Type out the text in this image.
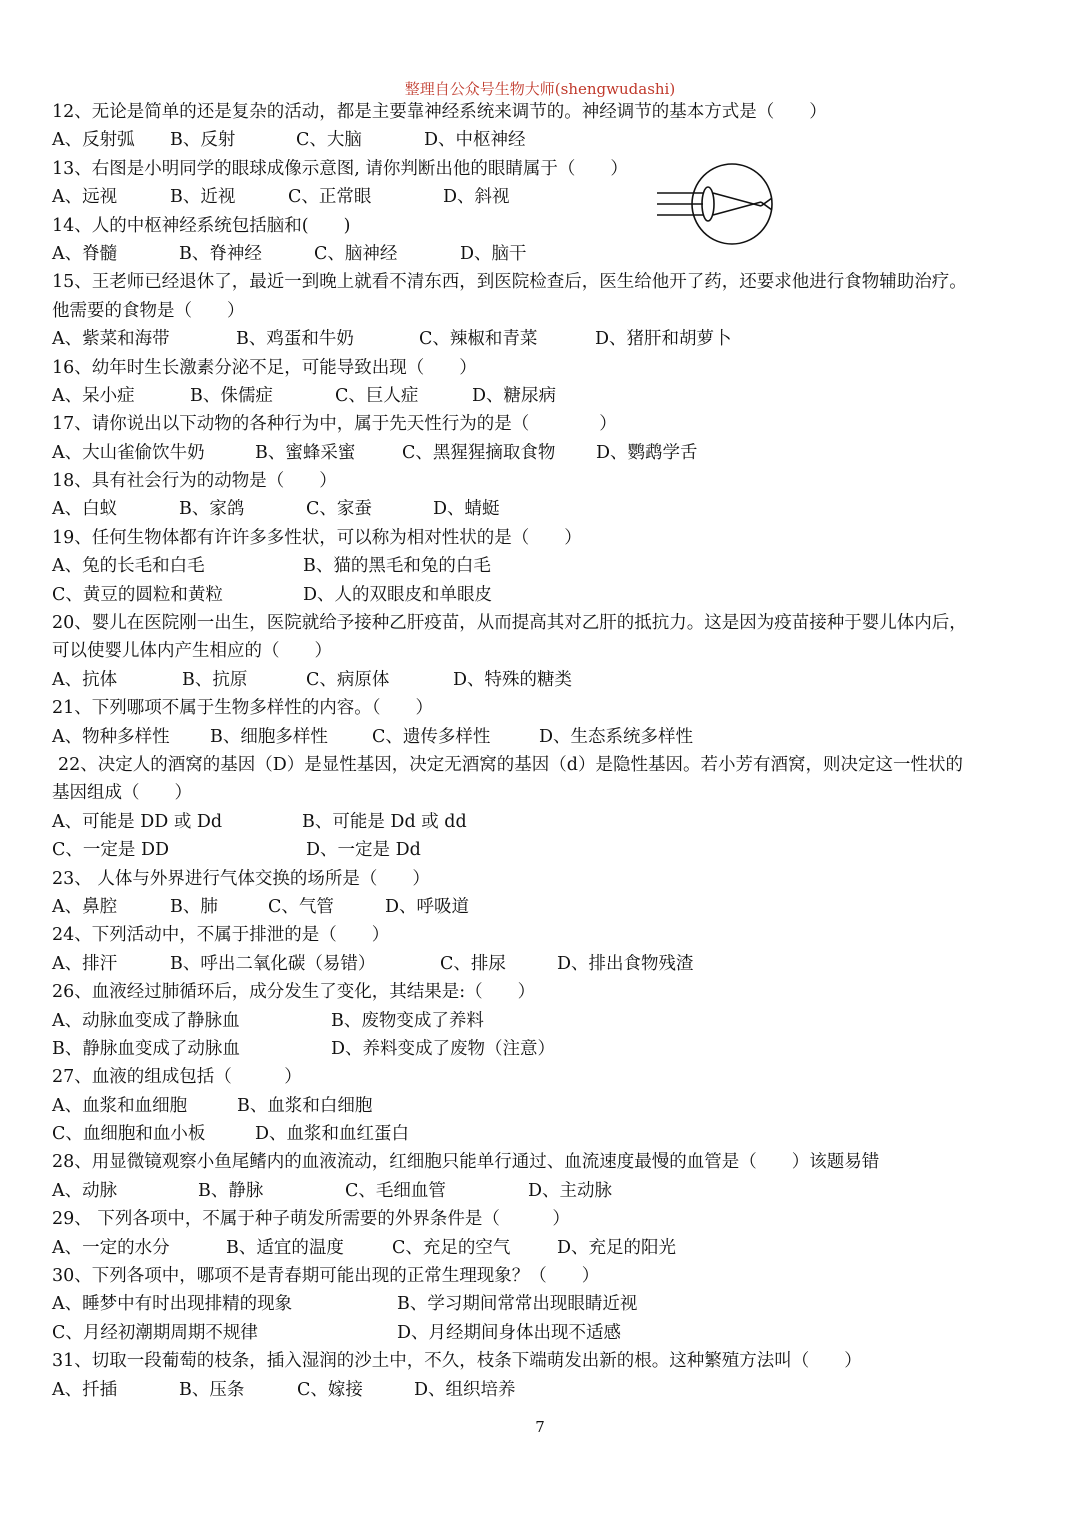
整理自公众号生物大师(shengwudashi)
12、无论是简单的还是复杂的活动，都是主要靠神经系统来调节的。神经调节的基本方式是（　　）
A、反射弧 B、反射	C、大脑	D、中枢神经
13、右图是小明同学的眼球成像示意图, 请你判断出他的眼睛属于（　　）
A、远视	B、近视	C、正常眼	D、斜视
14、人的中枢神经系统包括脑和(　　)
A、脊髓	B、脊神经	C、脑神经	D、脑干
15、王老师已经退休了，最近一到晚上就看不清东西，到医院检查后，医生给他开了药，还要求他进行食物辅助治疗。
他需要的食物是（　　）
A、紫菜和海带	B、鸡蛋和牛奶	C、辣椒和青菜	D、猪肝和胡萝卜
16、幼年时生长激素分泌不足，可能导致出现（　　）
A、呆小症	B、侏儒症	C、巨人症	D、糖尿病
17、请你说出以下动物的各种行为中，属于先天性行为的是（　　　　）
A、大山雀偷饮牛奶	B、蜜蜂采蜜	C、黑猩猩摘取食物 D、鹦鹉学舌
18、具有社会行为的动物是（　　）
A、白蚁	B、家鸽	C、家蚕	D、蜻蜓
19、任何生物体都有许许多多性状，可以称为相对性状的是（　　）
A、兔的长毛和白毛	B、猫的黑毛和兔的白毛
C、黄豆的圆粒和黄粒	D、人的双眼皮和单眼皮
20、婴儿在医院刚一出生，医院就给予接种乙肝疫苗，从而提高其对乙肝的抵抗力。这是因为疫苗接种于婴儿体内后，
可以使婴儿体内产生相应的（　　）
A、抗体	B、抗原	C、病原体	D、特殊的糖类
21、下列哪项不属于生物多样性的内容。（　　）
A、物种多样性 B、细胞多样性	C、遗传多样性	D、生态系统多样性
22、决定人的酒窝的基因（D）是显性基因，决定无酒窝的基因（d）是隐性基因。若小芳有酒窝，则决定这一性状的
基因组成（　　）
A、可能是 DD 或 Dd	B、可能是 Dd 或 dd
C、一定是 DD	D、一定是 Dd
23、 人体与外界进行气体交换的场所是（　　）
A、鼻腔	B、肺	C、气管	D、呼吸道
24、下列活动中，不属于排泄的是（　　）
A、排汗	B、呼出二氧化碳（易错）	C、排尿	D、排出食物残渣
26、血液经过肺循环后，成分发生了变化，其结果是:（　　）
A、动脉血变成了静脉血	B、废物变成了养料
B、静脉血变成了动脉血	D、养料变成了废物（注意）
27、血液的组成包括（　　　）
A、血浆和血细胞	B、血浆和白细胞
C、血细胞和血小板	D、血浆和血红蛋白
28、用显微镜观察小鱼尾鳍内的血液流动，红细胞只能单行通过、血流速度最慢的血管是（　　）该题易错
A、动脉	B、静脉	C、毛细血管	D、主动脉
29、 下列各项中，不属于种子萌发所需要的外界条件是（　　　）
A、一定的水分	B、适宜的温度	C、充足的空气	D、充足的阳光
30、下列各项中，哪项不是青春期可能出现的正常生理现象？（　　）
A、睡梦中有时出现排精的现象	B、学习期间常常出现眼睛近视
C、月经初潮期周期不规律	D、月经期间身体出现不适感
31、切取一段葡萄的枝条，插入湿润的沙土中，不久，枝条下端萌发出新的根。这种繁殖方法叫（　　）
A、扦插	B、压条	C、嫁接	D、组织培养
7
